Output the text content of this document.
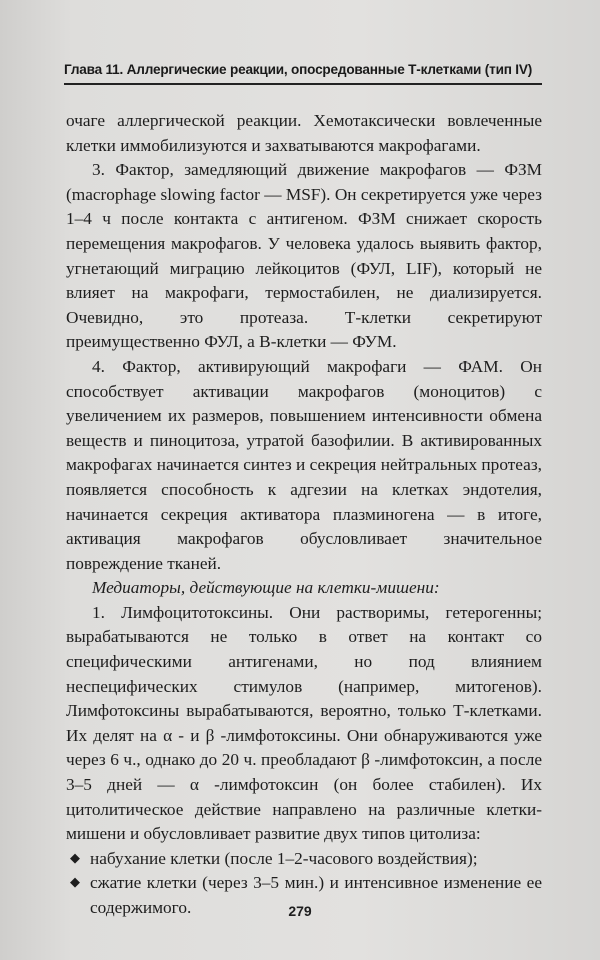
Глава 11. Аллергические реакции, опосредованные Т-клетками (тип IV)

очаге аллергической реакции. Хемотаксически вовлеченные клетки иммобилизуются и захватываются макрофагами.

3. Фактор, замедляющий движение макрофагов — ФЗМ (macrophage slowing factor — MSF). Он секретируется уже через 1–4 ч после контакта с антигеном. ФЗМ снижает скорость перемещения макрофагов. У человека удалось выявить фактор, угнетающий миграцию лейкоцитов (ФУЛ, LIF), который не влияет на макрофаги, термостабилен, не диализируется. Очевидно, это протеаза. Т-клетки секретируют преимущественно ФУЛ, а В-клетки — ФУМ.

4. Фактор, активирующий макрофаги — ФАМ. Он способствует активации макрофагов (моноцитов) с увеличением их размеров, повышением интенсивности обмена веществ и пиноцитоза, утратой базофилии. В активированных макрофагах начинается синтез и секреция нейтральных протеаз, появляется способность к адгезии на клетках эндотелия, начинается секреция активатора плазминогена — в итоге, активация макрофагов обусловливает значительное повреждение тканей.

Медиаторы, действующие на клетки-мишени:

1. Лимфоцитотоксины. Они растворимы, гетерогенны; вырабатываются не только в ответ на контакт со специфическими антигенами, но под влиянием неспецифических стимулов (например, митогенов). Лимфотоксины вырабатываются, вероятно, только Т-клетками. Их делят на α - и β -лимфотоксины. Они обнаруживаются уже через 6 ч., однако до 20 ч. преобладают β -лимфотоксин, а после 3–5 дней — α -лимфотоксин (он более стабилен). Их цитолитическое действие направлено на различные клетки-мишени и обусловливает развитие двух типов цитолиза:

◆ набухание клетки (после 1–2-часового воздействия);
◆ сжатие клетки (через 3–5 мин.) и интенсивное изменение ее содержимого.	279
